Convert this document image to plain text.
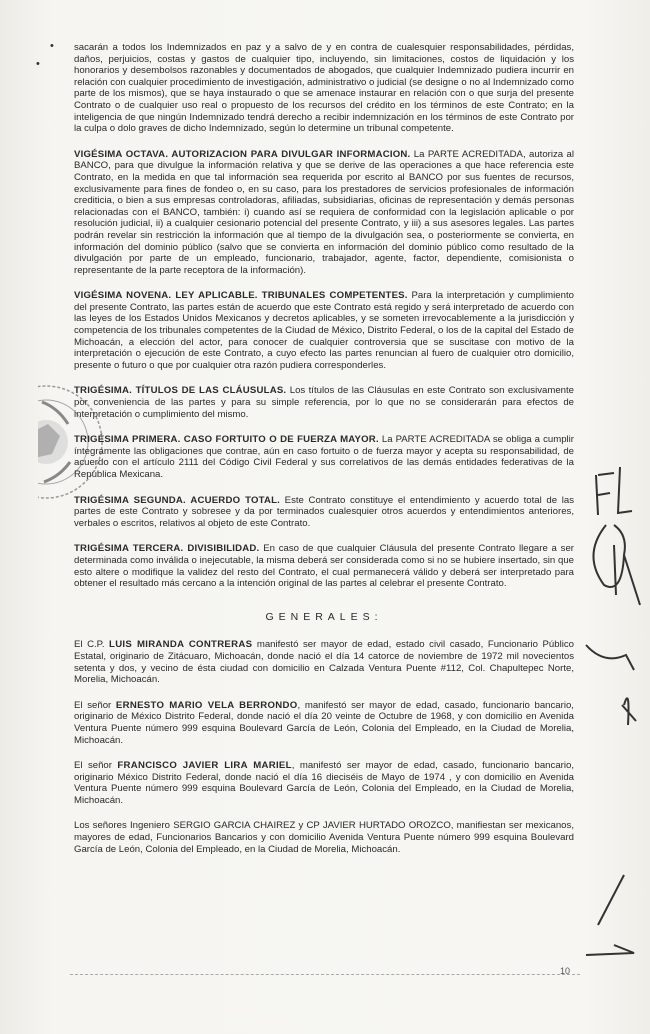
•
•

sacarán a todos los Indemnizados en paz y a salvo de y en contra de cualesquier responsabilidades, pérdidas, daños, perjuicios, costas y gastos de cualquier tipo, incluyendo, sin limitaciones, costos de liquidación y los honorarios y desembolsos razonables y documentados de abogados, que cualquier Indemnizado pudiera incurrir en relación con cualquier procedimiento de investigación, administrativo o judicial (se designe o no al Indemnizado como parte de los mismos), que se haya instaurado o que se amenace instaurar en relación con o que surja del presente Contrato o de cualquier uso real o propuesto de los recursos del crédito en los términos de este Contrato; en la inteligencia de que ningún Indemnizado tendrá derecho a recibir indemnización en los términos de este Contrato por la culpa o dolo graves de dicho Indemnizado, según lo determine un tribunal competente.

VIGÉSIMA OCTAVA. AUTORIZACION PARA DIVULGAR INFORMACION. La PARTE ACREDITADA, autoriza al BANCO, para que divulgue la información relativa y que se derive de las operaciones a que hace referencia este Contrato, en la medida en que tal información sea requerida por escrito al BANCO por sus fuentes de recursos, exclusivamente para fines de fondeo o, en su caso, para los prestadores de servicios profesionales de información crediticia, o bien a sus empresas controladoras, afiliadas, subsidiarias, oficinas de representación y demás personas relacionadas con el BANCO, también: i) cuando así se requiera de conformidad con la legislación aplicable o por resolución judicial, ii) a cualquier cesionario potencial del presente Contrato, y iii) a sus asesores legales. Las partes podrán revelar sin restricción la información que al tiempo de la divulgación sea, o posteriormente se convierta, en información del dominio público (salvo que se convierta en información del dominio público como resultado de la divulgación por parte de un empleado, funcionario, trabajador, agente, factor, dependiente, comisionista o representante de la parte receptora de la información).

VIGÉSIMA NOVENA. LEY APLICABLE. TRIBUNALES COMPETENTES. Para la interpretación y cumplimiento del presente Contrato, las partes están de acuerdo que este Contrato está regido y será interpretado de acuerdo con las leyes de los Estados Unidos Mexicanos y decretos aplicables, y se someten irrevocablemente a la jurisdicción y competencia de los tribunales competentes de la Ciudad de México, Distrito Federal, o los de la capital del Estado de Michoacán, a elección del actor, para conocer de cualquier controversia que se suscitase con motivo de la interpretación o ejecución de este Contrato, a cuyo efecto las partes renuncian al fuero de cualquier otro domicilio, presente o futuro o que por cualquier otra razón pudiera corresponderles.

TRIGÉSIMA. TÍTULOS DE LAS CLÁUSULAS. Los títulos de las Cláusulas en este Contrato son exclusivamente por conveniencia de las partes y para su simple referencia, por lo que no se considerarán para efectos de interpretación o cumplimiento del mismo.

TRIGÉSIMA PRIMERA. CASO FORTUITO O DE FUERZA MAYOR. La PARTE ACREDITADA se obliga a cumplir íntegramente las obligaciones que contrae, aún en caso fortuito o de fuerza mayor y acepta su responsabilidad, de acuerdo con el artículo 2111 del Código Civil Federal y sus correlativos de las demás entidades federativas de la República Mexicana.

TRIGÉSIMA SEGUNDA. ACUERDO TOTAL. Este Contrato constituye el entendimiento y acuerdo total de las partes de este Contrato y sobresee y da por terminados cualesquier otros acuerdos y entendimientos anteriores, verbales o escritos, relativos al objeto de este Contrato.

TRIGÉSIMA TERCERA. DIVISIBILIDAD. En caso de que cualquier Cláusula del presente Contrato llegare a ser determinada como inválida o inejecutable, la misma deberá ser considerada como si no se hubiere insertado, sin que esto altere o modifique la validez del resto del Contrato, el cual permanecerá válido y deberá ser interpretado para obtener el resultado más cercano a la intención original de las partes al celebrar el presente Contrato.

GENERALES:

El C.P. LUIS MIRANDA CONTRERAS manifestó ser mayor de edad, estado civil casado, Funcionario Público Estatal, originario de Zitácuaro, Michoacán, donde nació el día 14 catorce de noviembre de 1972 mil novecientos setenta y dos, y vecino de ésta ciudad con domicilio en Calzada Ventura Puente #112, Col. Chapultepec Norte, Morelia, Michoacán.

El señor ERNESTO MARIO VELA BERRONDO, manifestó ser mayor de edad, casado, funcionario bancario, originario de México Distrito Federal, donde nació el día 20 veinte de Octubre de 1968, y con domicilio en Avenida Ventura Puente número 999 esquina Boulevard García de León, Colonia del Empleado, en la Ciudad de Morelia, Michoacán.

El señor FRANCISCO JAVIER LIRA MARIEL, manifestó ser mayor de edad, casado, funcionario bancario, originario México Distrito Federal, donde nació el día 16 dieciséis de Mayo de 1974 , y con domicilio en Avenida Ventura Puente número 999 esquina Boulevard García de León, Colonia del Empleado, en la Ciudad de Morelia, Michoacán.

Los señores Ingeniero SERGIO GARCIA CHAIREZ y CP JAVIER HURTADO OROZCO, manifiestan ser mexicanos, mayores de edad, Funcionarios Bancarios y con domicilio Avenida Ventura Puente número 999 esquina Boulevard García de León, Colonia del Empleado, en la Ciudad de Morelia, Michoacán.

10
